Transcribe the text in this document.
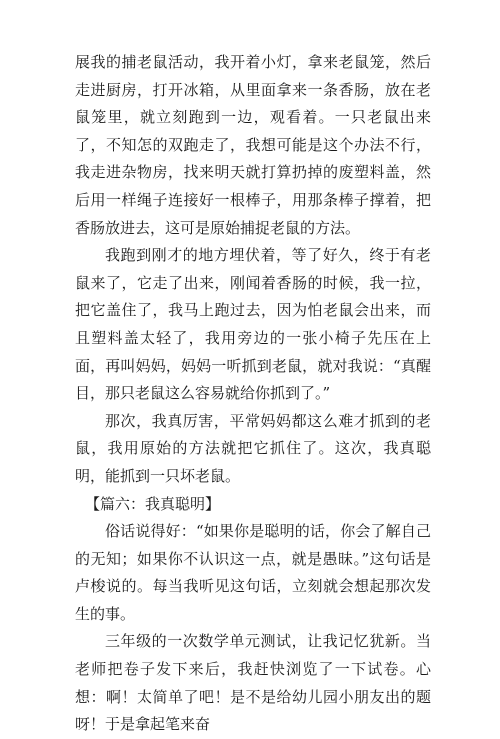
展我的捕老鼠活动，我开着小灯，拿来老鼠笼，然后走进厨房，打开冰箱，从里面拿来一条香肠，放在老鼠笼里，就立刻跑到一边，观看着。一只老鼠出来了，不知怎的双跑走了，我想可能是这个办法不行，我走进杂物房，找来明天就打算扔掉的废塑料盖，然后用一样绳子连接好一根棒子，用那条棒子撑着，把香肠放进去，这可是原始捕捉老鼠的方法。

我跑到刚才的地方埋伏着，等了好久，终于有老鼠来了，它走了出来，刚闻着香肠的时候，我一拉，把它盖住了，我马上跑过去，因为怕老鼠会出来，而且塑料盖太轻了，我用旁边的一张小椅子先压在上面，再叫妈妈，妈妈一听抓到老鼠，就对我说：“真醒目，那只老鼠这么容易就给你抓到了。”

那次，我真厉害，平常妈妈都这么难才抓到的老鼠，我用原始的方法就把它抓住了。这次，我真聪明，能抓到一只坏老鼠。

【篇六：我真聪明】

俗话说得好：“如果你是聪明的话，你会了解自己的无知；如果你不认识这一点，就是愚昧。”这句话是卢梭说的。每当我听见这句话，立刻就会想起那次发生的事。

三年级的一次数学单元测试，让我记忆犹新。当老师把卷子发下来后，我赶快浏览了一下试卷。心想：啊！太简单了吧！是不是给幼儿园小朋友出的题呀！于是拿起笔来奋
